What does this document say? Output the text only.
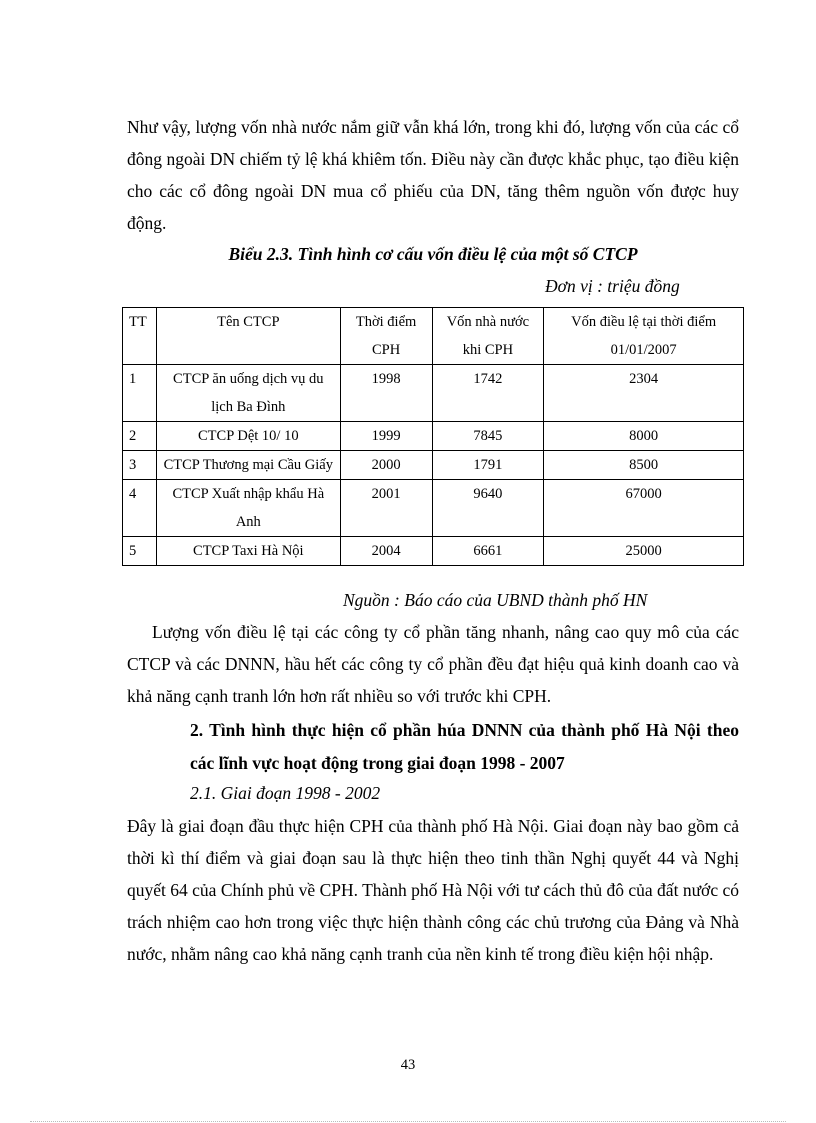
Như vậy, lượng vốn nhà nước nắm giữ vẫn khá lớn, trong khi đó, lượng vốn của các cổ đông ngoài DN chiếm tỷ lệ khá khiêm tốn. Điều này cần được khắc phục, tạo điều kiện cho các cổ đông ngoài DN mua cổ phiếu của DN, tăng thêm nguồn vốn được huy động.

Biểu 2.3. Tình hình cơ cấu vốn điều lệ của một số CTCP
Đơn vị : triệu đồng
TT	Tên CTCP	Thời điểm CPH	Vốn nhà nước khi CPH	Vốn điều lệ tại thời điểm 01/01/2007
1	CTCP ăn uống dịch vụ du lịch Ba Đình	1998	1742	2304
2	CTCP Dệt 10/ 10	1999	7845	8000
3	CTCP Thương mại Cầu Giấy	2000	1791	8500
4	CTCP Xuất nhập khẩu Hà Anh	2001	9640	67000
5	CTCP Taxi Hà Nội	2004	6661	25000
Nguồn : Báo cáo của UBND thành phố HN

Lượng vốn điều lệ tại các công ty cổ phần tăng nhanh, nâng cao quy mô của các CTCP và các DNNN, hầu hết các công ty cổ phần đều đạt hiệu quả kinh doanh cao và khả năng cạnh tranh lớn hơn rất nhiều so với trước khi CPH.

2. Tình hình thực hiện cổ phần húa DNNN của thành phố Hà Nội theo các lĩnh vực hoạt động trong giai đoạn 1998 - 2007

2.1. Giai đoạn 1998 - 2002

Đây là giai đoạn đầu thực hiện CPH của thành phố Hà Nội. Giai đoạn này bao gồm cả thời kì thí điểm và giai đoạn sau là thực hiện theo tinh thần Nghị quyết 44 và Nghị quyết 64 của Chính phủ về CPH. Thành phố Hà Nội với tư cách thủ đô của đất nước có trách nhiệm cao hơn trong việc thực hiện thành công các chủ trương của Đảng và Nhà nước, nhằm nâng cao khả năng cạnh tranh của nền kinh tế trong điều kiện hội nhập.

43
